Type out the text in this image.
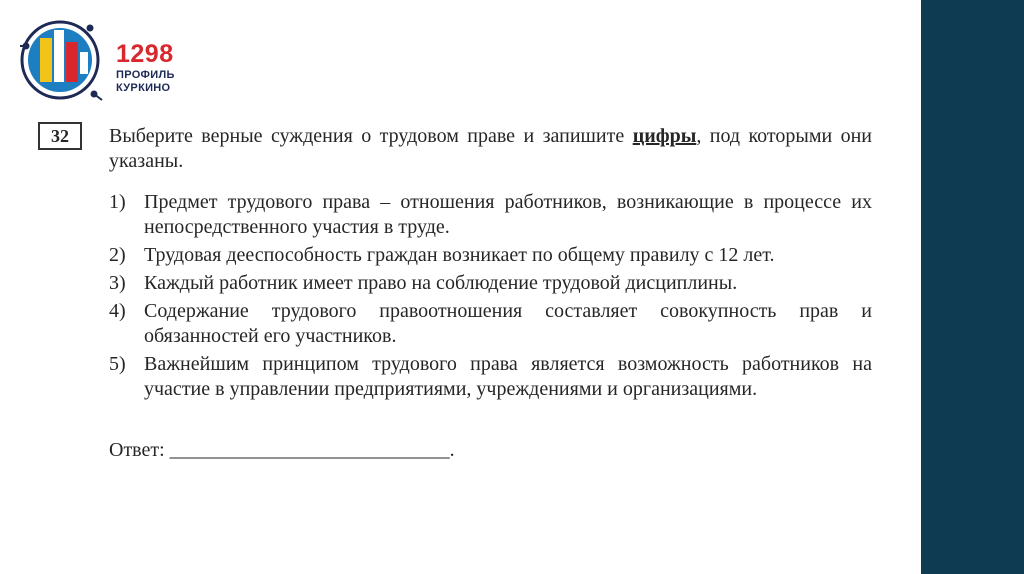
1298
ПРОФИЛЬ
КУРКИНО
32	Выберите верные суждения о трудовом праве и запишите цифры, под которыми они указаны.
1) Предмет трудового права – отношения работников, возникающие в процессе их непосредственного участия в труде.
2) Трудовая дееспособность граждан возникает по общему правилу с 12 лет.
3) Каждый работник имеет право на соблюдение трудовой дисциплины.
4) Содержание трудового правоотношения составляет совокупность прав и обязанностей его участников.
5) Важнейшим принципом трудового права является возможность работников на участие в управлении предприятиями, учреждениями и организациями.
Ответ: ____________________________.
